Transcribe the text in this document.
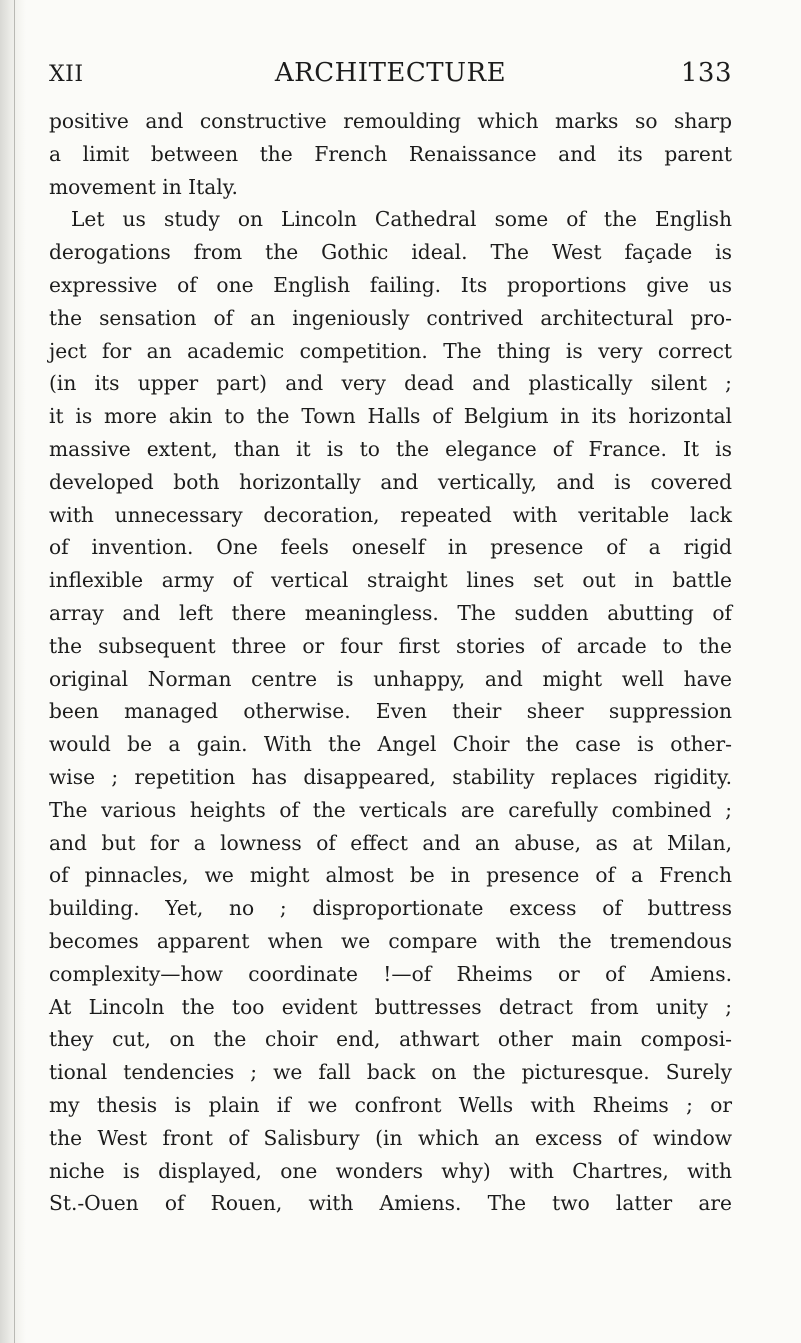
XII	ARCHITECTURE	133
positive and constructive remoulding which marks so sharp
a limit between the French Renaissance and its parent
movement in Italy.
Let us study on Lincoln Cathedral some of the English
derogations from the Gothic ideal. The West façade is
expressive of one English failing. Its proportions give us
the sensation of an ingeniously contrived architectural pro-
ject for an academic competition. The thing is very correct
(in its upper part) and very dead and plastically silent ;
it is more akin to the Town Halls of Belgium in its horizontal
massive extent, than it is to the elegance of France. It is
developed both horizontally and vertically, and is covered
with unnecessary decoration, repeated with veritable lack
of invention. One feels oneself in presence of a rigid
inflexible army of vertical straight lines set out in battle
array and left there meaningless. The sudden abutting of
the subsequent three or four first stories of arcade to the
original Norman centre is unhappy, and might well have
been managed otherwise. Even their sheer suppression
would be a gain. With the Angel Choir the case is other-
wise ; repetition has disappeared, stability replaces rigidity.
The various heights of the verticals are carefully combined ;
and but for a lowness of effect and an abuse, as at Milan,
of pinnacles, we might almost be in presence of a French
building. Yet, no ; disproportionate excess of buttress
becomes apparent when we compare with the tremendous
complexity—how coordinate !—of Rheims or of Amiens.
At Lincoln the too evident buttresses detract from unity ;
they cut, on the choir end, athwart other main composi-
tional tendencies ; we fall back on the picturesque. Surely
my thesis is plain if we confront Wells with Rheims ; or
the West front of Salisbury (in which an excess of window
niche is displayed, one wonders why) with Chartres, with
St.-Ouen of Rouen, with Amiens. The two latter are
